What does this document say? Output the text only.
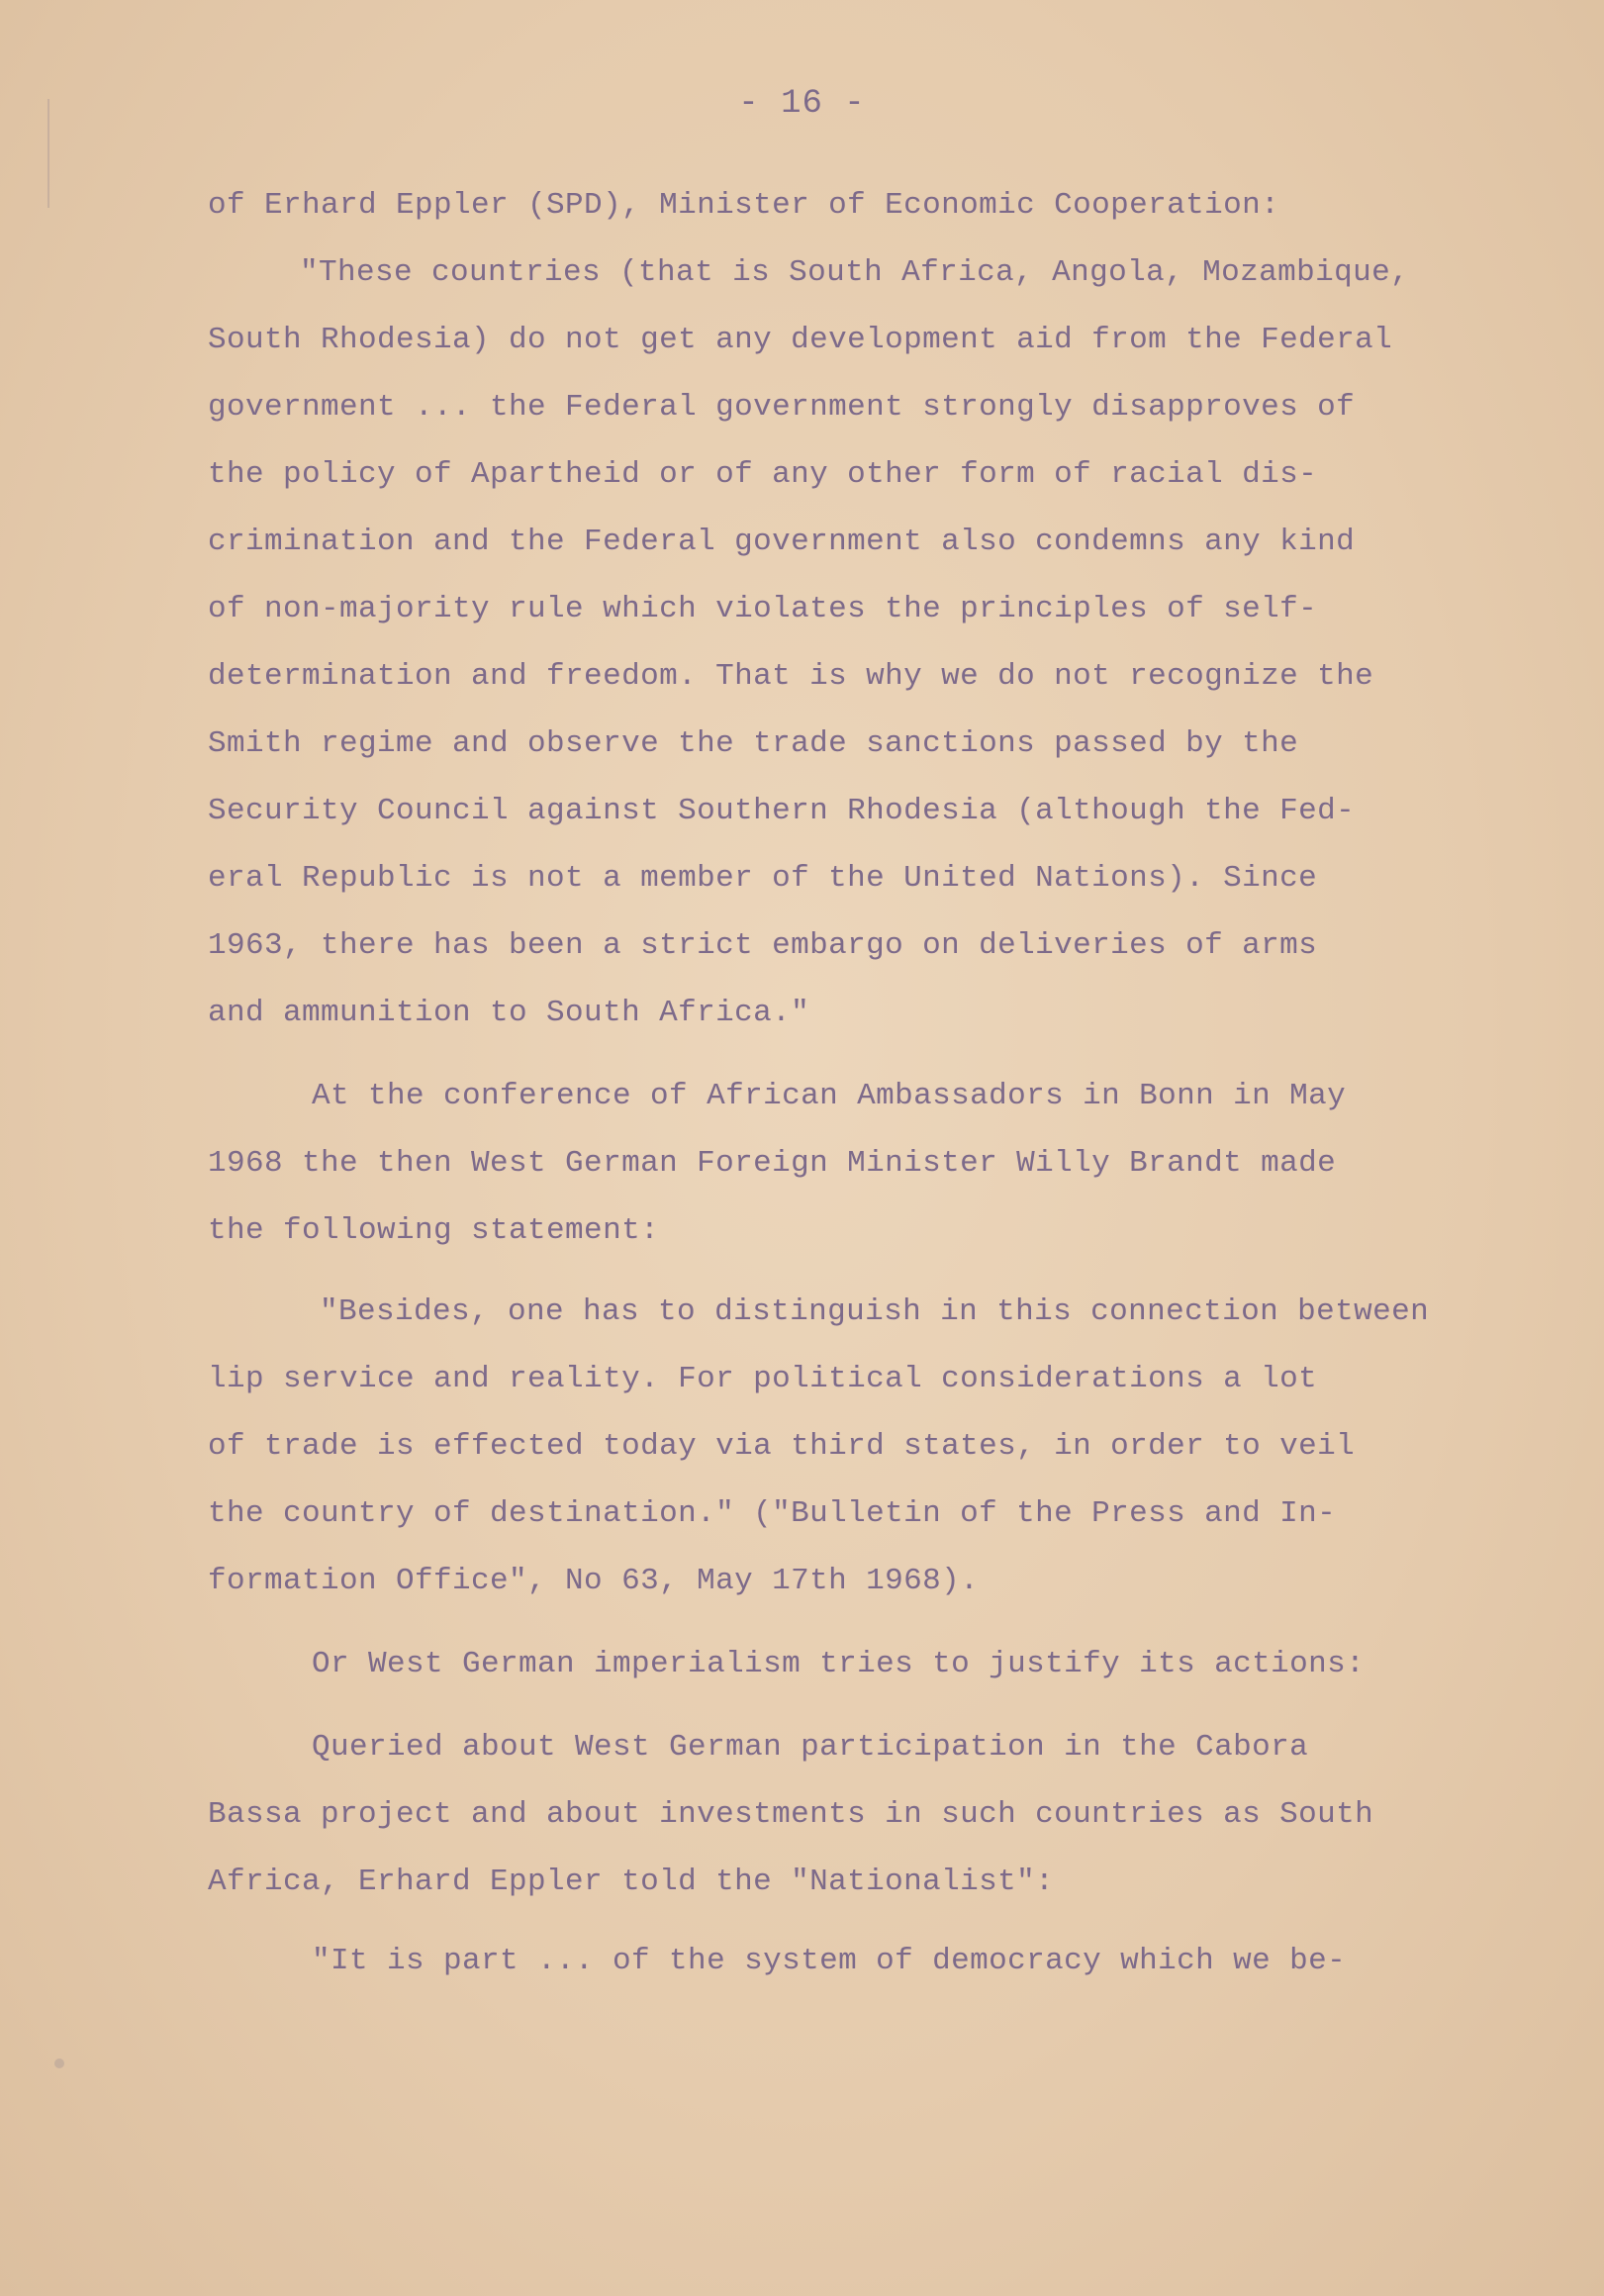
- 16 -
of Erhard Eppler (SPD), Minister of Economic Cooperation:
"These countries (that is South Africa, Angola, Mozambique,
South Rhodesia) do not get any development aid from the Federal
government ... the Federal government strongly disapproves of
the policy of Apartheid or of any other form of racial dis-
crimination and the Federal government also condemns any kind
of non-majority rule which violates the principles of self-
determination and freedom. That is why we do not recognize the
Smith regime and observe the trade sanctions passed by the
Security Council against Southern Rhodesia (although the Fed-
eral Republic is not a member of the United Nations). Since
1963, there has been a strict embargo on deliveries of arms
and ammunition to South Africa."
At the conference of African Ambassadors in Bonn in May
1968 the then West German Foreign Minister Willy Brandt made
the following statement:
"Besides, one has to distinguish in this connection between
lip service and reality. For political considerations a lot
of trade is effected today via third states, in order to veil
the country of destination." ("Bulletin of the Press and In-
formation Office", No 63, May 17th 1968).
Or West German imperialism tries to justify its actions:
Queried about West German participation in the Cabora
Bassa project and about investments in such countries as South
Africa, Erhard Eppler told the "Nationalist":
"It is part ... of the system of democracy which we be-
